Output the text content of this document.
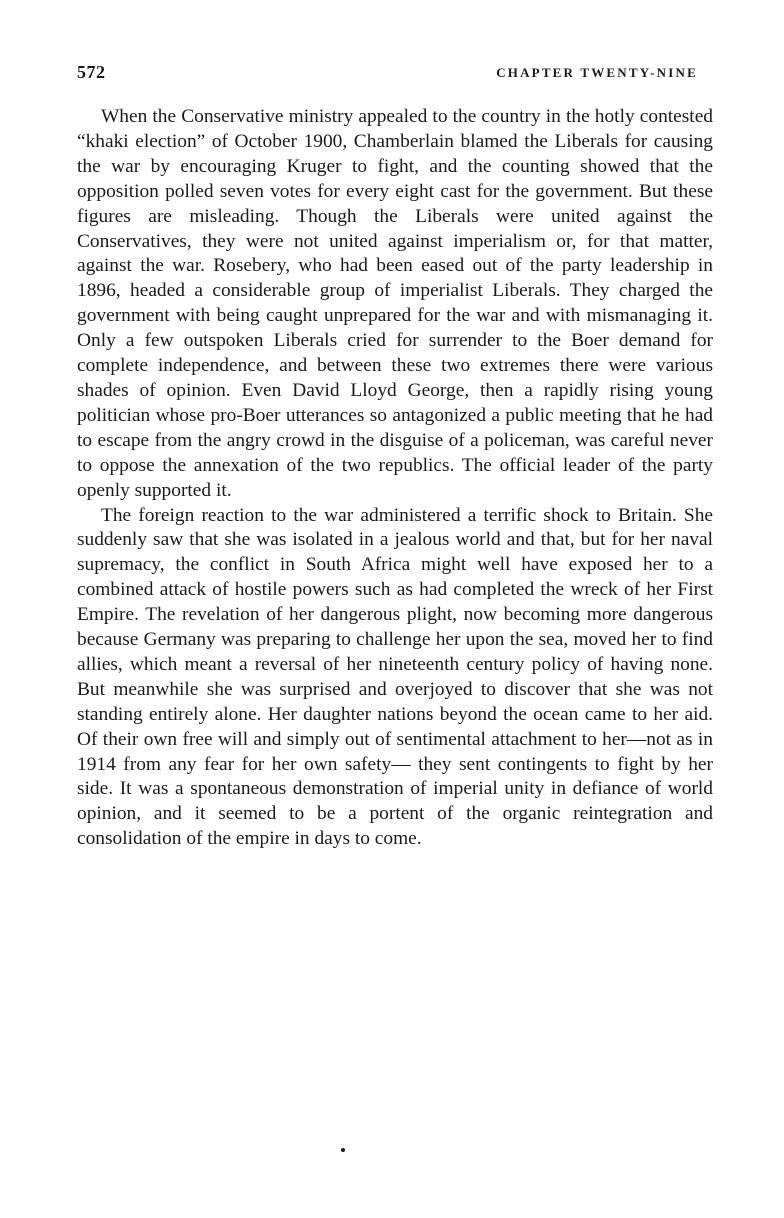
572	CHAPTER TWENTY-NINE

When the Conservative ministry appealed to the country in the hotly contested “khaki election” of October 1900, Chamberlain blamed the Liberals for causing the war by encouraging Kruger to fight, and the counting showed that the opposition polled seven votes for every eight cast for the government. But these figures are misleading. Though the Liberals were united against the Conservatives, they were not united against imperialism or, for that matter, against the war. Rosebery, who had been eased out of the party leadership in 1896, headed a considerable group of imperialist Liberals. They charged the government with being caught unprepared for the war and with mismanaging it. Only a few outspoken Liberals cried for surrender to the Boer demand for complete independence, and between these two extremes there were various shades of opinion. Even David Lloyd George, then a rapidly rising young politician whose pro-Boer utterances so antagonized a public meeting that he had to escape from the angry crowd in the disguise of a policeman, was careful never to oppose the annexation of the two republics. The official leader of the party openly supported it.

The foreign reaction to the war administered a terrific shock to Britain. She suddenly saw that she was isolated in a jealous world and that, but for her naval supremacy, the conflict in South Africa might well have exposed her to a combined attack of hostile powers such as had completed the wreck of her First Empire. The revelation of her dangerous plight, now becoming more dangerous because Germany was preparing to challenge her upon the sea, moved her to find allies, which meant a reversal of her nineteenth century policy of having none. But meanwhile she was surprised and overjoyed to discover that she was not standing entirely alone. Her daughter nations beyond the ocean came to her aid. Of their own free will and simply out of sentimental attachment to her—not as in 1914 from any fear for her own safety— they sent contingents to fight by her side. It was a spontaneous demonstration of imperial unity in defiance of world opinion, and it seemed to be a portent of the organic reintegration and consolidation of the empire in days to come.
